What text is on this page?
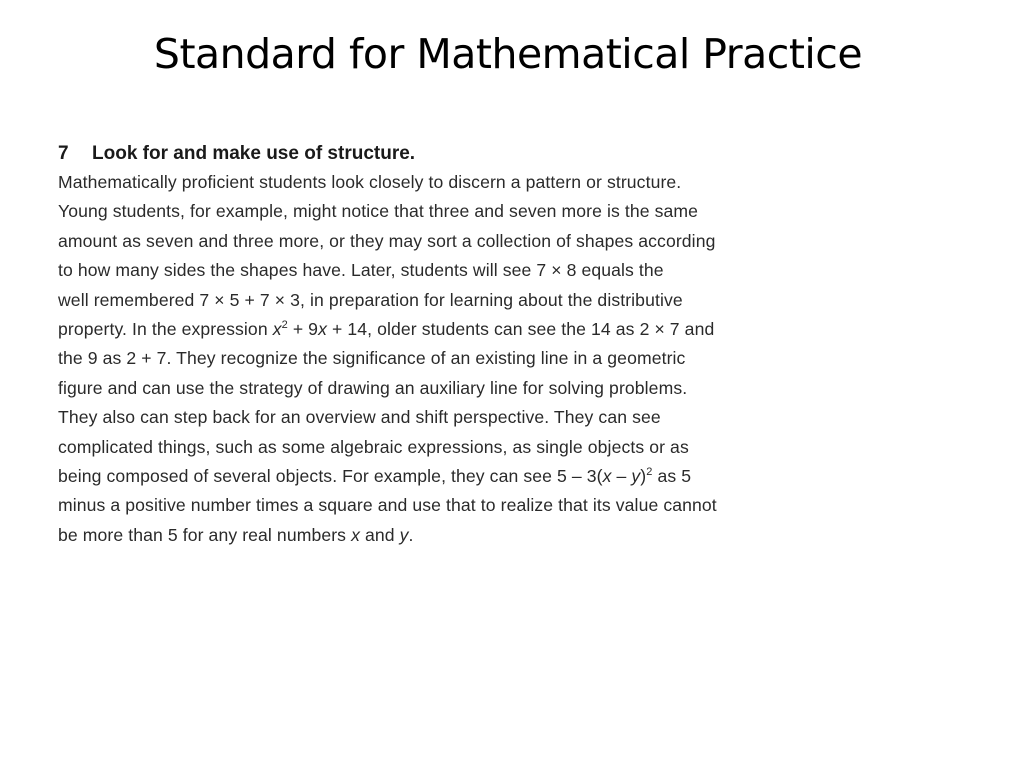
Standard for Mathematical Practice
7 Look for and make use of structure.
Mathematically proficient students look closely to discern a pattern or structure.
Young students, for example, might notice that three and seven more is the same
amount as seven and three more, or they may sort a collection of shapes according
to how many sides the shapes have. Later, students will see 7 × 8 equals the
well remembered 7 × 5 + 7 × 3, in preparation for learning about the distributive
property. In the expression $x^2 + 9x + 14$, older students can see the 14 as 2 × 7 and
the 9 as 2 + 7. They recognize the significance of an existing line in a geometric
figure and can use the strategy of drawing an auxiliary line for solving problems.
They also can step back for an overview and shift perspective. They can see
complicated things, such as some algebraic expressions, as single objects or as
being composed of several objects. For example, they can see 5 – 3(x – y)$^2$ as 5
minus a positive number times a square and use that to realize that its value cannot
be more than 5 for any real numbers x and y.
